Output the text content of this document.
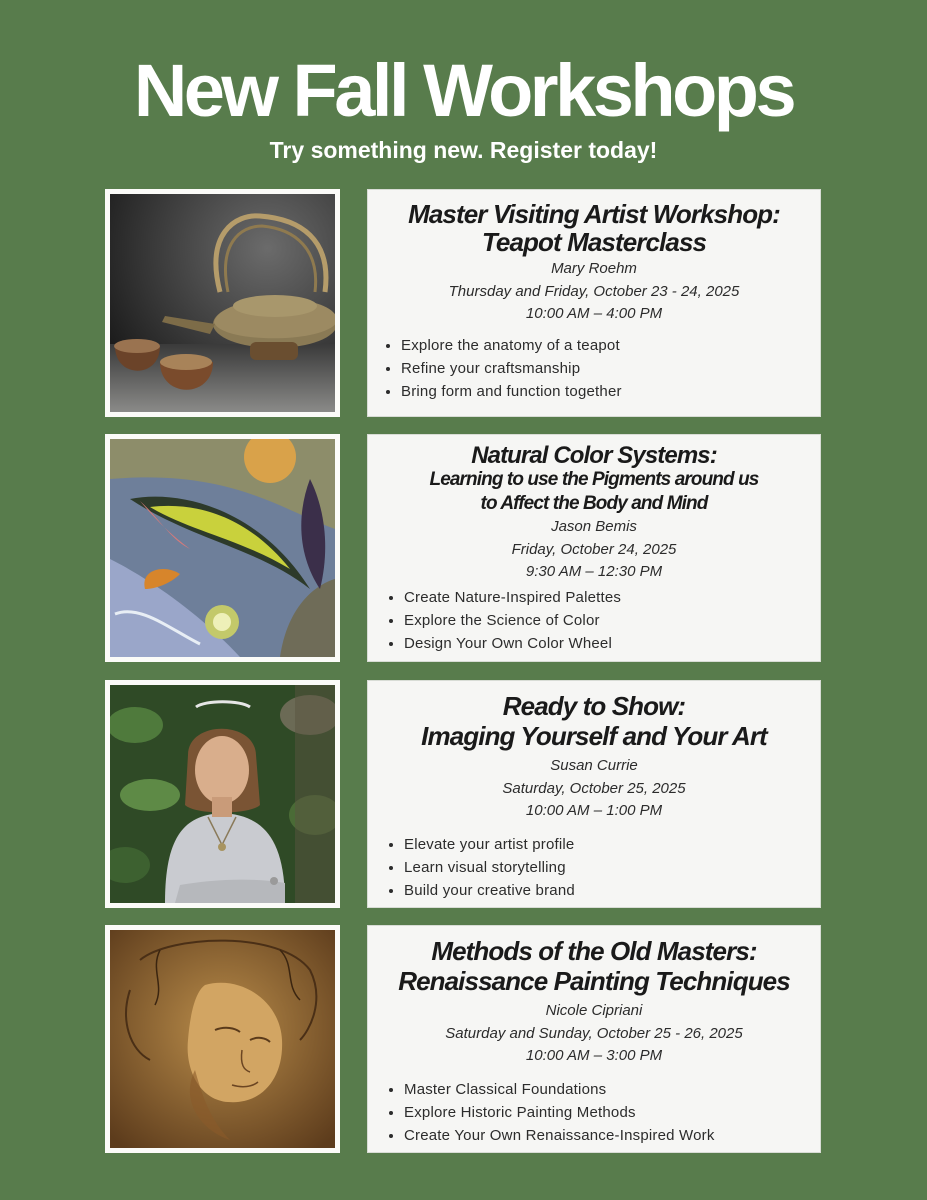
New Fall Workshops

Try something new. Register today!

Master Visiting Artist Workshop:
Teapot Masterclass
Mary Roehm
Thursday and Friday, October 23 - 24, 2025
10:00 AM – 4:00 PM
• Explore the anatomy of a teapot
• Refine your craftsmanship
• Bring form and function together
Natural Color Systems:
Learning to use the Pigments around us
to Affect the Body and Mind
Jason Bemis
Friday, October 24, 2025
9:30 AM – 12:30 PM
• Create Nature-Inspired Palettes
• Explore the Science of Color
• Design Your Own Color Wheel
Ready to Show:
Imaging Yourself and Your Art
Susan Currie
Saturday, October 25, 2025
10:00 AM – 1:00 PM
• Elevate your artist profile
• Learn visual storytelling
• Build your creative brand
Methods of the Old Masters:
Renaissance Painting Techniques
Nicole Cipriani
Saturday and Sunday, October 25 - 26, 2025
10:00 AM – 3:00 PM
• Master Classical Foundations
• Explore Historic Painting Methods
• Create Your Own Renaissance-Inspired Work
